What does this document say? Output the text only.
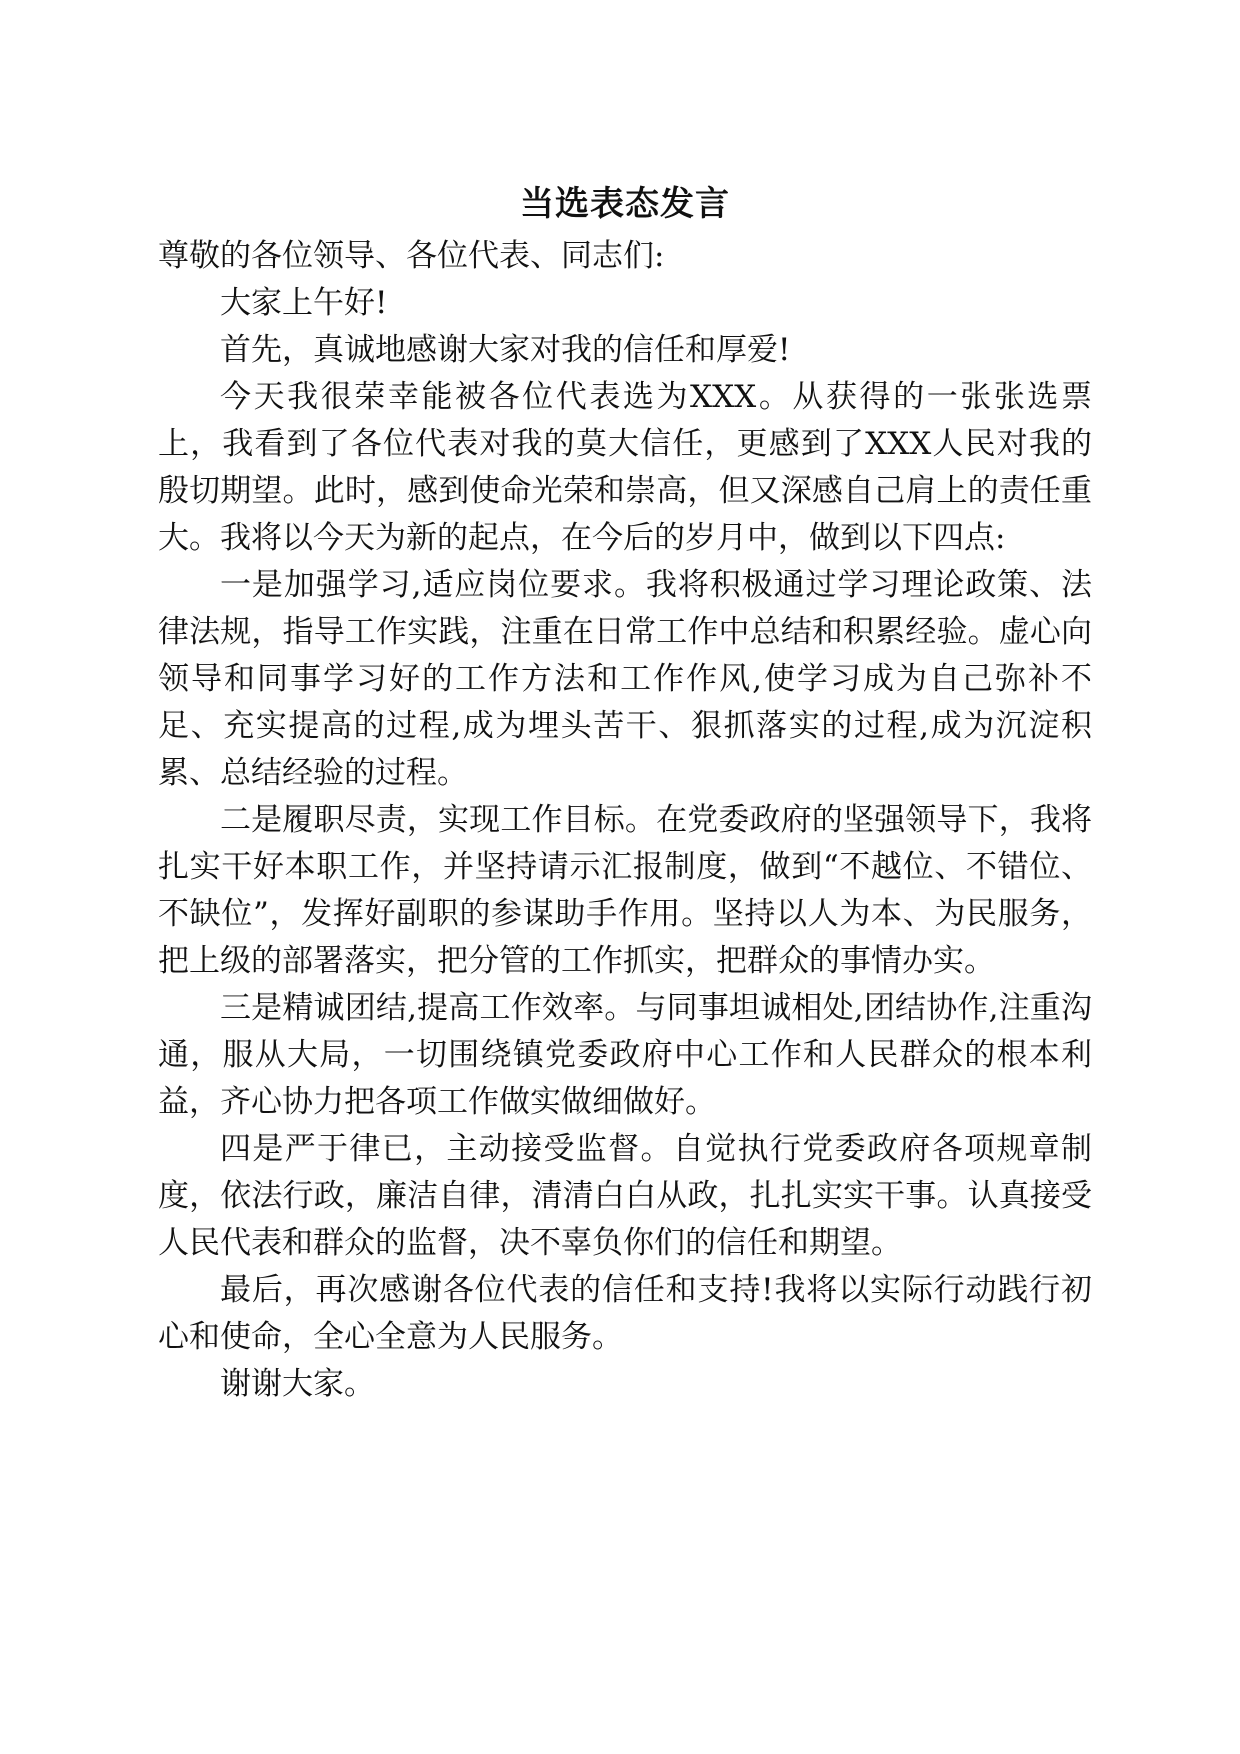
当选表态发言
尊敬的各位领导、各位代表、同志们:

大家上午好!

首先，真诚地感谢大家对我的信任和厚爱!

今天我很荣幸能被各位代表选为XXX。从获得的一张张选票上，我看到了各位代表对我的莫大信任，更感到了XXX人民对我的殷切期望。此时，感到使命光荣和崇高，但又深感自己肩上的责任重大。我将以今天为新的起点，在今后的岁月中，做到以下四点:

一是加强学习,适应岗位要求。我将积极通过学习理论政策、法律法规，指导工作实践，注重在日常工作中总结和积累经验。虚心向领导和同事学习好的工作方法和工作作风,使学习成为自己弥补不足、充实提高的过程,成为埋头苦干、狠抓落实的过程,成为沉淀积累、总结经验的过程。

二是履职尽责，实现工作目标。在党委政府的坚强领导下，我将扎实干好本职工作，并坚持请示汇报制度，做到“不越位、不错位、不缺位”，发挥好副职的参谋助手作用。坚持以人为本、为民服务，把上级的部署落实，把分管的工作抓实，把群众的事情办实。

三是精诚团结,提高工作效率。与同事坦诚相处,团结协作,注重沟通，服从大局，一切围绕镇党委政府中心工作和人民群众的根本利益，齐心协力把各项工作做实做细做好。

四是严于律已，主动接受监督。自觉执行党委政府各项规章制度，依法行政，廉洁自律，清清白白从政，扎扎实实干事。认真接受人民代表和群众的监督，决不辜负你们的信任和期望。

最后，再次感谢各位代表的信任和支持!我将以实际行动践行初心和使命，全心全意为人民服务。

谢谢大家。
